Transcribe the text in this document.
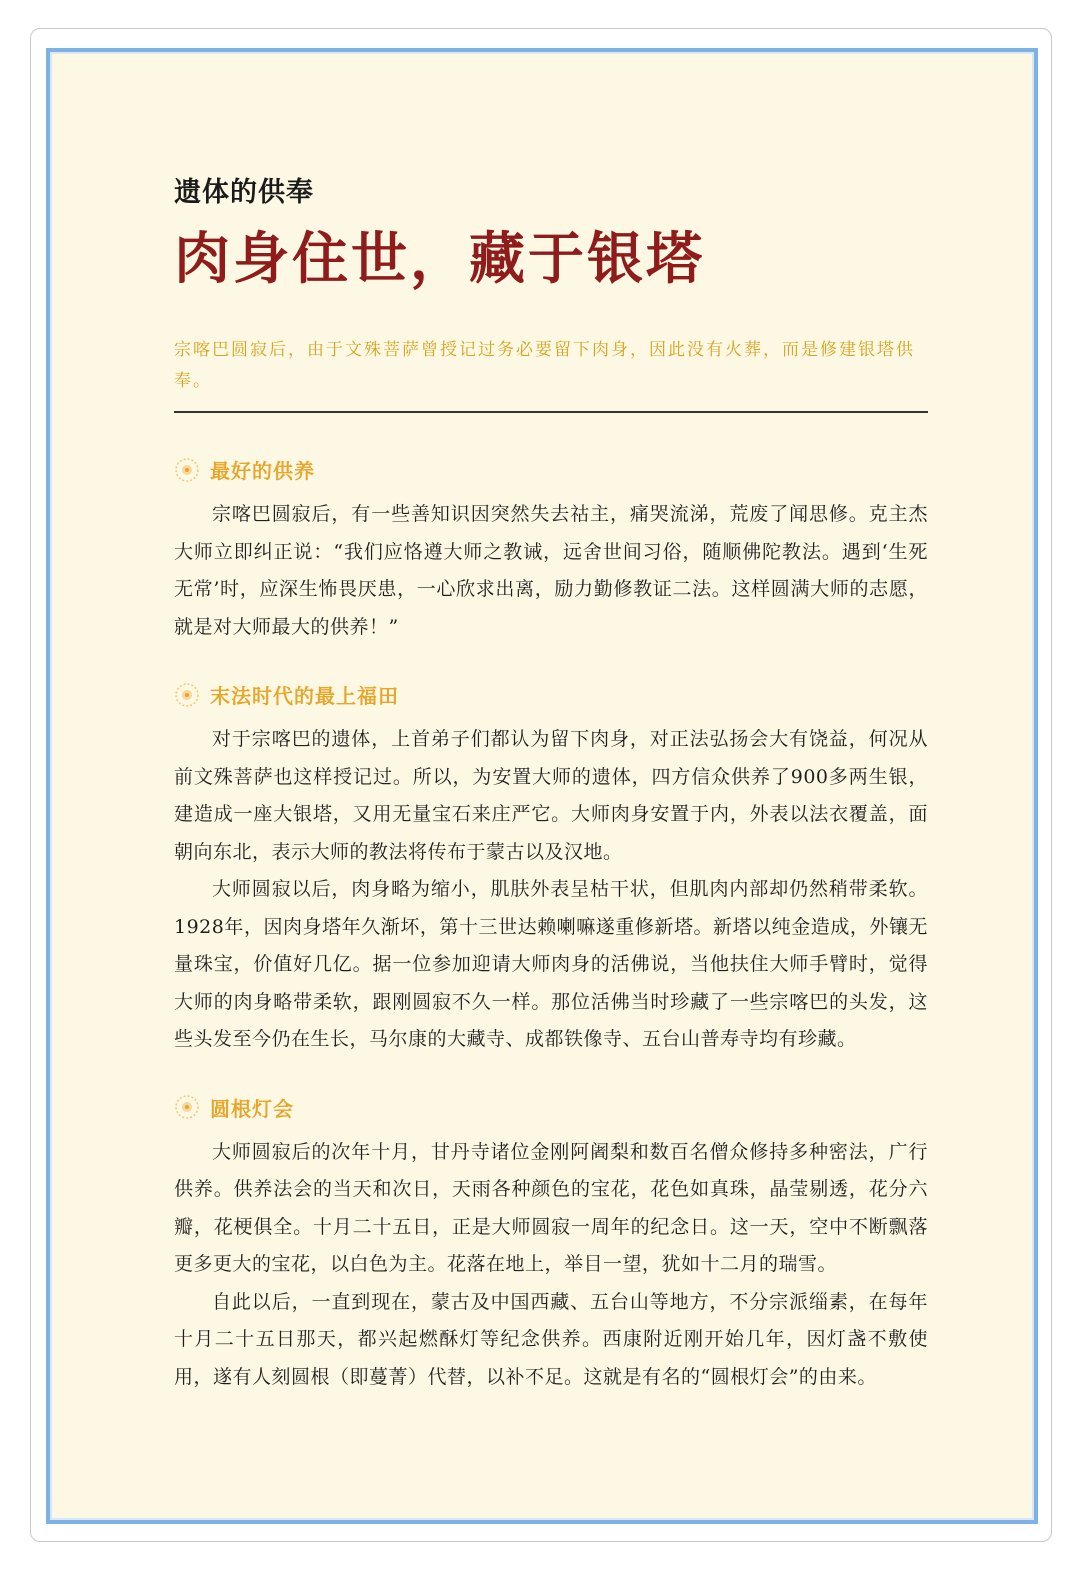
遗体的供奉
肉身住世，藏于银塔
宗喀巴圆寂后，由于文殊菩萨曾授记过务必要留下肉身，因此没有火葬，而是修建银塔供奉。
最好的供养

宗喀巴圆寂后，有一些善知识因突然失去祜主，痛哭流涕，荒废了闻思修。克主杰大师立即纠正说：“我们应恪遵大师之教诫，远舍世间习俗，随顺佛陀教法。遇到‘生死无常’时，应深生怖畏厌患，一心欣求出离，励力勤修教证二法。这样圆满大师的志愿，就是对大师最大的供养！”

末法时代的最上福田

对于宗喀巴的遗体，上首弟子们都认为留下肉身，对正法弘扬会大有饶益，何况从前文殊菩萨也这样授记过。所以，为安置大师的遗体，四方信众供养了900多两生银，建造成一座大银塔，又用无量宝石来庄严它。大师肉身安置于内，外表以法衣覆盖，面朝向东北，表示大师的教法将传布于蒙古以及汉地。

大师圆寂以后，肉身略为缩小，肌肤外表呈枯干状，但肌肉内部却仍然稍带柔软。1928年，因肉身塔年久渐坏，第十三世达赖喇嘛遂重修新塔。新塔以纯金造成，外镶无量珠宝，价值好几亿。据一位参加迎请大师肉身的活佛说，当他扶住大师手臂时，觉得大师的肉身略带柔软，跟刚圆寂不久一样。那位活佛当时珍藏了一些宗喀巴的头发，这些头发至今仍在生长，马尔康的大藏寺、成都铁像寺、五台山普寿寺均有珍藏。

圆根灯会

大师圆寂后的次年十月，甘丹寺诸位金刚阿阇梨和数百名僧众修持多种密法，广行供养。供养法会的当天和次日，天雨各种颜色的宝花，花色如真珠，晶莹剔透，花分六瓣，花梗俱全。十月二十五日，正是大师圆寂一周年的纪念日。这一天，空中不断飘落更多更大的宝花，以白色为主。花落在地上，举目一望，犹如十二月的瑞雪。

自此以后，一直到现在，蒙古及中国西藏、五台山等地方，不分宗派缁素，在每年十月二十五日那天，都兴起燃酥灯等纪念供养。西康附近刚开始几年，因灯盏不敷使用，遂有人刻圆根（即蔓菁）代替，以补不足。这就是有名的“圆根灯会”的由来。
